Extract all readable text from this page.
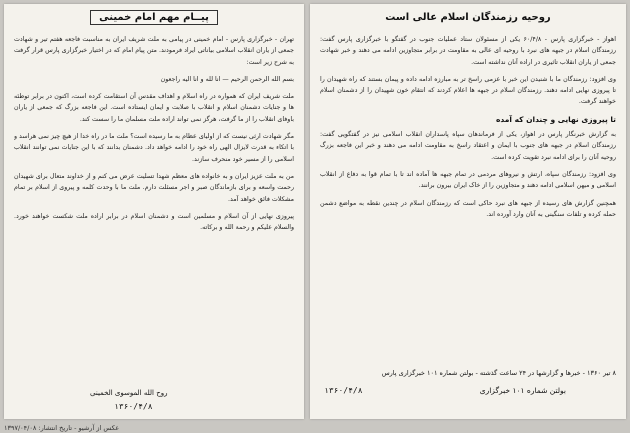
پیــام مهم امام خمینی
تهران - خبرگزاری پارس - امام خمینی در پیامی به ملت شریف ایران به مناسبت فاجعه هفتم تیر و شهادت جمعی از یاران انقلاب اسلامی بیاناتی ایراد فرمودند. متن پیام امام که در اختیار خبرگزاری پارس قرار گرفت به شرح زیر است:
بسم الله الرحمن الرحیم — انا لله و انا الیه راجعون
ملت شریف ایران که همواره در راه اسلام و اهداف مقدس آن استقامت کرده است، اکنون در برابر توطئه ها و جنایات دشمنان اسلام و انقلاب با صلابت و ایمان ایستاده است. این فاجعه بزرگ که جمعی از یاران باوفای انقلاب را از ما گرفت، هرگز نمی تواند اراده ملت مسلمان ما را سست کند.
مگر شهادت ارثی نیست که از اولیای عظام به ما رسیده است؟ ملت ما در راه خدا از هیچ چیز نمی هراسد و با اتکاء به قدرت لایزال الهی راه خود را ادامه خواهد داد. دشمنان بدانند که با این جنایات نمی توانند انقلاب اسلامی را از مسیر خود منحرف سازند.
من به ملت عزیز ایران و به خانواده های معظم شهدا تسلیت عرض می کنم و از خداوند متعال برای شهیدان رحمت واسعه و برای بازماندگان صبر و اجر مسئلت دارم. ملت ما با وحدت کلمه و پیروی از اسلام بر تمام مشکلات فائق خواهد آمد.
پیروزی نهایی از آن اسلام و مسلمین است و دشمنان اسلام در برابر اراده ملت شکست خواهند خورد. والسلام علیکم و رحمة الله و برکاته.
روح الله الموسوی الخمینی
۱۳۶۰/۴/۸
روحیه رزمندگان اسلام عالی است
اهواز - خبرگزاری پارس - ۶۰/۴/۸ یکی از مسئولان ستاد عملیات جنوب در گفتگو با خبرگزاری پارس گفت: رزمندگان اسلام در جبهه های نبرد با روحیه ای عالی به مقاومت در برابر متجاوزین ادامه می دهند و خبر شهادت جمعی از یاران انقلاب تاثیری در اراده آنان نداشته است.
وی افزود: رزمندگان ما با شنیدن این خبر با عزمی راسخ تر به مبارزه ادامه داده و پیمان بستند که راه شهیدان را تا پیروزی نهایی ادامه دهند. رزمندگان اسلام در جبهه ها اعلام کردند که انتقام خون شهیدان را از دشمنان اسلام خواهند گرفت.
تا پیروزی نهایی و چندان که آمده
به گزارش خبرنگار پارس در اهواز، یکی از فرماندهان سپاه پاسداران انقلاب اسلامی نیز در گفتگویی گفت: رزمندگان اسلام در جبهه های جنوب با ایمان و اعتقاد راسخ به مقاومت ادامه می دهند و خبر این فاجعه بزرگ روحیه آنان را برای ادامه نبرد تقویت کرده است.
وی افزود: رزمندگان سپاه، ارتش و نیروهای مردمی در تمام جبهه ها آماده اند تا با تمام قوا به دفاع از انقلاب اسلامی و میهن اسلامی ادامه دهند و متجاوزین را از خاک ایران بیرون برانند.
همچنین گزارش های رسیده از جبهه های نبرد حاکی است که رزمندگان اسلام در چندین نقطه به مواضع دشمن حمله کرده و تلفات سنگینی به آنان وارد آورده اند.
۸ تیر ۱۳۶۰ - خبرها و گزارشها در ۲۴ ساعت گذشته - بولتن شماره ۱۰۱ خبرگزاری پارس
بولتن شماره ۱۰۱ خبرگزاری
۱۳۶۰/۴/۸
عکس از آرشیو - تاریخ انتشار: ۱۳۹۷/۰۴/۰۸
